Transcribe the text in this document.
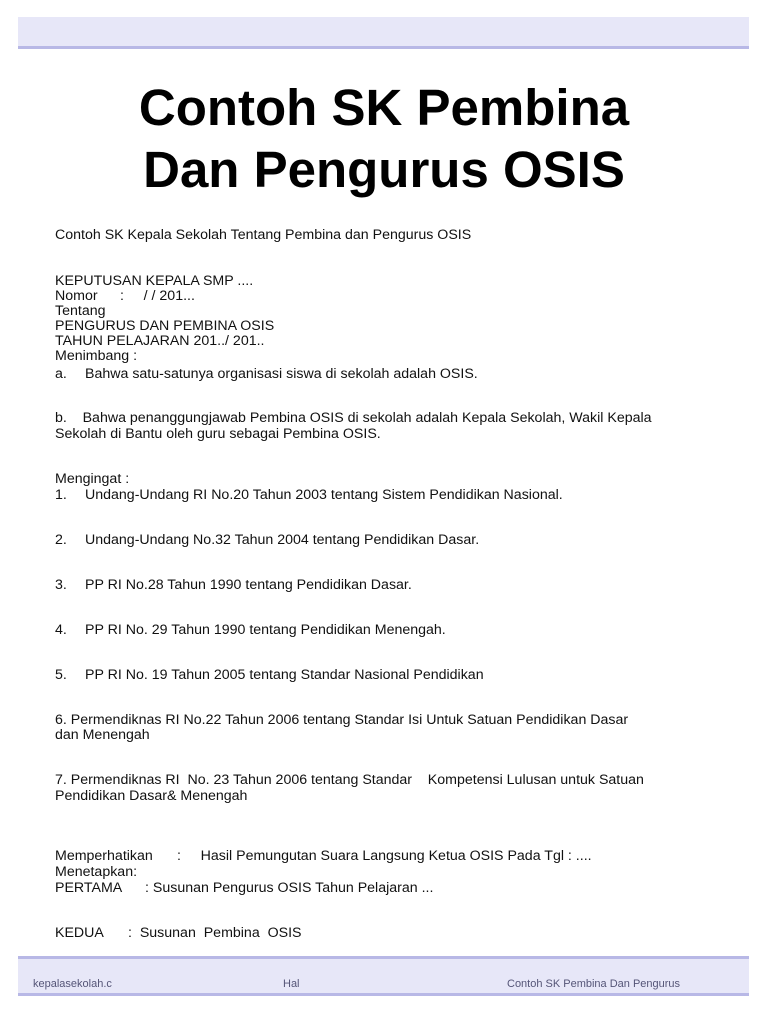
Contoh SK Pembina
Dan Pengurus OSIS
Contoh SK Kepala Sekolah Tentang Pembina dan Pengurus OSIS
KEPUTUSAN KEPALA SMP ....
Nomor :     / / 201...
Tentang
PENGURUS DAN PEMBINA OSIS
TAHUN PELAJARAN 201../ 201..
Menimbang :
a. Bahwa satu-satunya organisasi siswa di sekolah adalah OSIS.
b.    Bahwa penanggungjawab Pembina OSIS di sekolah adalah Kepala Sekolah, Wakil Kepala
Sekolah di Bantu oleh guru sebagai Pembina OSIS.
Mengingat :
1. Undang-Undang RI No.20 Tahun 2003 tentang Sistem Pendidikan Nasional.
2. Undang-Undang No.32 Tahun 2004 tentang Pendidikan Dasar.
3. PP RI No.28 Tahun 1990 tentang Pendidikan Dasar.
4. PP RI No. 29 Tahun 1990 tentang Pendidikan Menengah.
5. PP RI No. 19 Tahun 2005 tentang Standar Nasional Pendidikan
6. Permendiknas RI No.22 Tahun 2006 tentang Standar Isi Untuk Satuan Pendidikan Dasar
dan Menengah
7. Permendiknas RI  No. 23 Tahun 2006 tentang Standar    Kompetensi Lulusan untuk Satuan
Pendidikan Dasar& Menengah
Memperhatikan :     Hasil Pemungutan Suara Langsung Ketua OSIS Pada Tgl : ....
Menetapkan:
PERTAMA : Susunan Pengurus OSIS Tahun Pelajaran ...
KEDUA :  Susunan  Pembina  OSIS
kepalasekolah.c	Hal	Contoh SK Pembina Dan Pengurus
